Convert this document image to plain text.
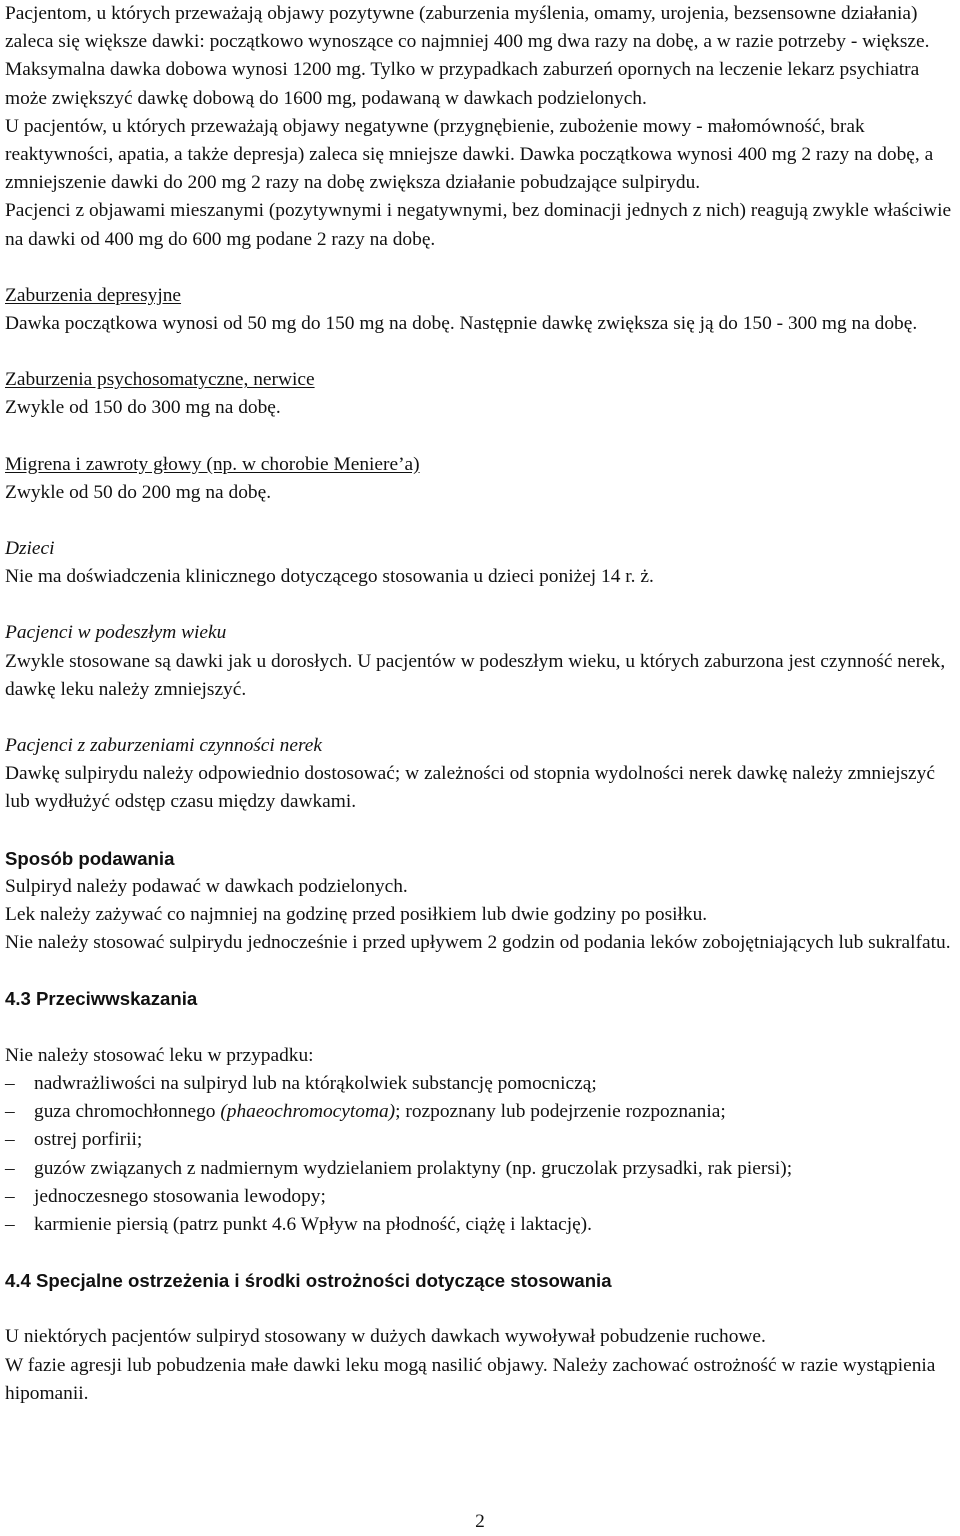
Pacjentom, u których przeważają objawy pozytywne (zaburzenia myślenia, omamy, urojenia, bezsensowne działania) zaleca się większe dawki: początkowo wynoszące co najmniej 400 mg dwa razy na dobę, a w razie potrzeby - większe. Maksymalna dawka dobowa wynosi 1200 mg. Tylko w przypadkach zaburzeń opornych na leczenie lekarz psychiatra może zwiększyć dawkę dobową do 1600 mg, podawaną w dawkach podzielonych.

U pacjentów, u których przeważają objawy negatywne (przygnębienie, zubożenie mowy - małomówność, brak reaktywności, apatia, a także depresja) zaleca się mniejsze dawki. Dawka początkowa wynosi 400 mg 2 razy na dobę, a zmniejszenie dawki do 200 mg 2 razy na dobę zwiększa działanie pobudzające sulpirydu.

Pacjenci z objawami mieszanymi (pozytywnymi i negatywnymi, bez dominacji jednych z nich) reagują zwykle właściwie na dawki od 400 mg do 600 mg podane 2 razy na dobę.

Zaburzenia depresyjne

Dawka początkowa wynosi od 50 mg do 150 mg na dobę. Następnie dawkę zwiększa się ją do 150 - 300 mg na dobę.

Zaburzenia psychosomatyczne, nerwice

Zwykle od 150 do 300 mg na dobę.

Migrena i zawroty głowy (np. w chorobie Meniere’a)

Zwykle od 50 do 200 mg na dobę.

Dzieci

Nie ma doświadczenia klinicznego dotyczącego stosowania u dzieci poniżej 14 r. ż.

Pacjenci w podeszłym wieku

Zwykle stosowane są dawki jak u dorosłych. U pacjentów w podeszłym wieku, u których zaburzona jest czynność nerek, dawkę leku należy zmniejszyć.

Pacjenci z zaburzeniami czynności nerek

Dawkę sulpirydu należy odpowiednio dostosować; w zależności od stopnia wydolności nerek dawkę należy zmniejszyć lub wydłużyć odstęp czasu między dawkami.

Sposób podawania

Sulpiryd należy podawać w dawkach podzielonych.

Lek należy zażywać co najmniej na godzinę przed posiłkiem lub dwie godziny po posiłku.

Nie należy stosować sulpirydu jednocześnie i przed upływem 2 godzin od podania leków zobojętniających lub sukralfatu.

4.3 Przeciwwskazania

Nie należy stosować leku w przypadku:

– nadwrażliwości na sulpiryd lub na którąkolwiek substancję pomocniczą;
– guza chromochłonnego (phaeochromocytoma); rozpoznany lub podejrzenie rozpoznania;
– ostrej porfirii;
– guzów związanych z nadmiernym wydzielaniem prolaktyny (np. gruczolak przysadki, rak piersi);
– jednoczesnego stosowania lewodopy;
– karmienie piersią (patrz punkt 4.6 Wpływ na płodność, ciążę i laktację).

4.4 Specjalne ostrzeżenia i środki ostrożności dotyczące stosowania

U niektórych pacjentów sulpiryd stosowany w dużych dawkach wywoływał pobudzenie ruchowe.

W fazie agresji lub pobudzenia małe dawki leku mogą nasilić objawy. Należy zachować ostrożność w razie wystąpienia hipomanii.

2
